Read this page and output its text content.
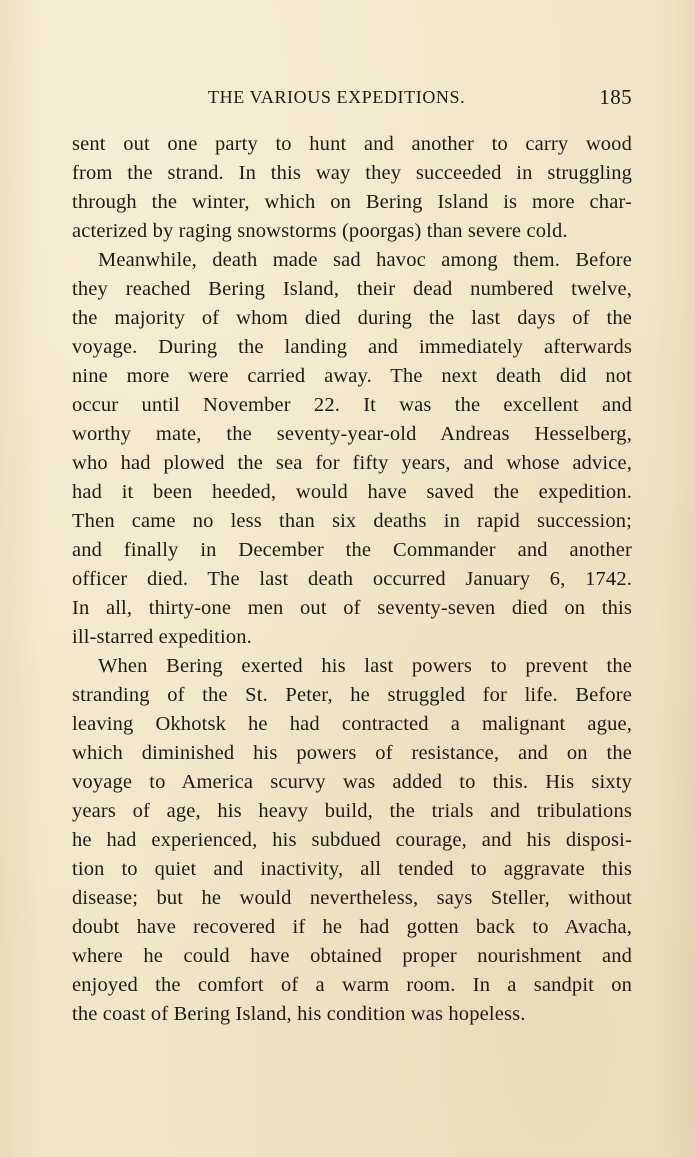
THE VARIOUS EXPEDITIONS.	185
sent out one party to hunt and another to carry wood
from the strand. In this way they succeeded in struggling
through the winter, which on Bering Island is more char-
acterized by raging snowstorms (poorgas) than severe cold.
Meanwhile, death made sad havoc among them. Before
they reached Bering Island, their dead numbered twelve,
the majority of whom died during the last days of the
voyage. During the landing and immediately afterwards
nine more were carried away. The next death did not
occur until November 22. It was the excellent and
worthy mate, the seventy-year-old Andreas Hesselberg,
who had plowed the sea for fifty years, and whose advice,
had it been heeded, would have saved the expedition.
Then came no less than six deaths in rapid succession;
and finally in December the Commander and another
officer died. The last death occurred January 6, 1742.
In all, thirty-one men out of seventy-seven died on this
ill-starred expedition.
When Bering exerted his last powers to prevent the
stranding of the St. Peter, he struggled for life. Before
leaving Okhotsk he had contracted a malignant ague,
which diminished his powers of resistance, and on the
voyage to America scurvy was added to this. His sixty
years of age, his heavy build, the trials and tribulations
he had experienced, his subdued courage, and his disposi-
tion to quiet and inactivity, all tended to aggravate this
disease; but he would nevertheless, says Steller, without
doubt have recovered if he had gotten back to Avacha,
where he could have obtained proper nourishment and
enjoyed the comfort of a warm room. In a sandpit on
the coast of Bering Island, his condition was hopeless.
